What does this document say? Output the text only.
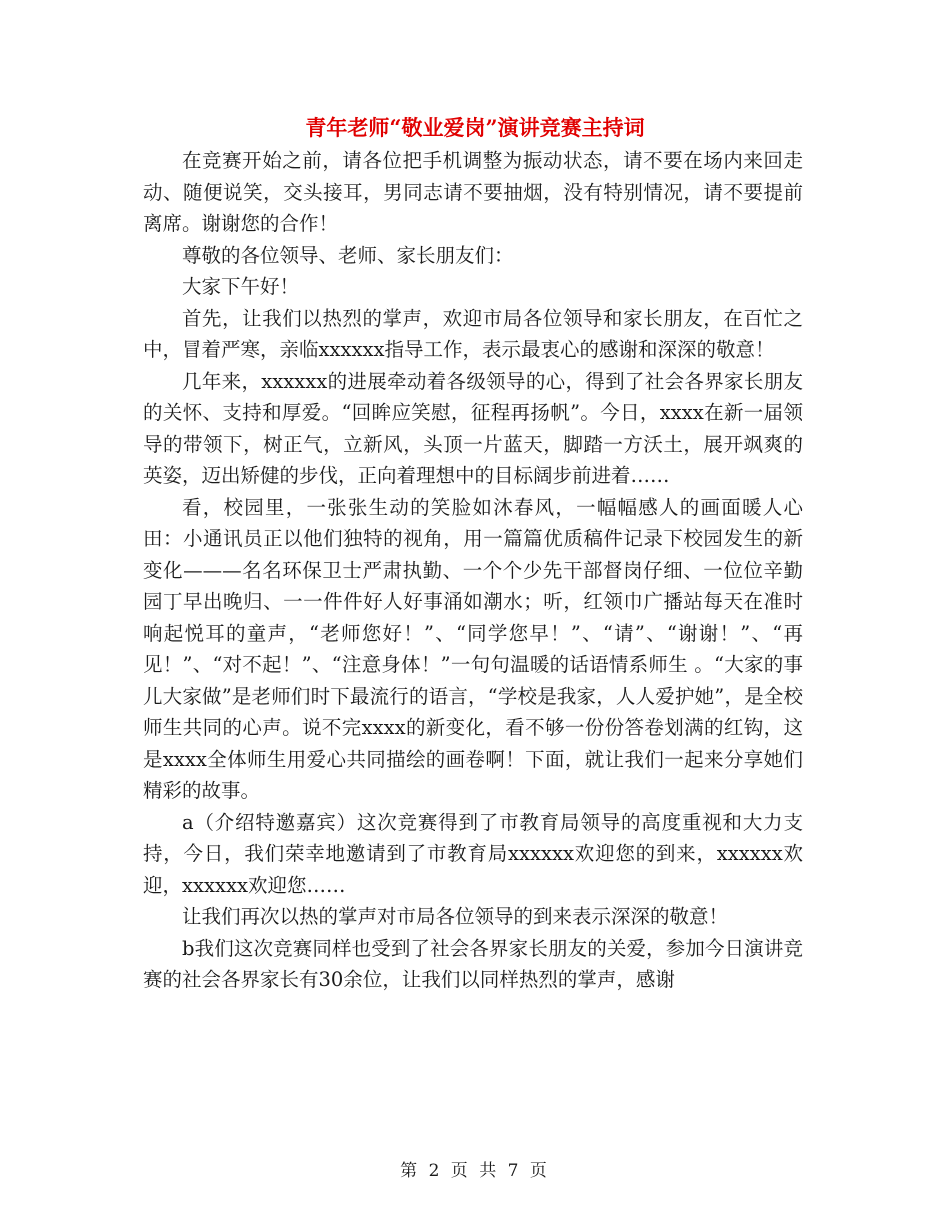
青年老师“敬业爱岗”演讲竞赛主持词

在竞赛开始之前，请各位把手机调整为振动状态，请不要在场内来回走动、随便说笑，交头接耳，男同志请不要抽烟，没有特别情况，请不要提前离席。谢谢您的合作！

尊敬的各位领导、老师、家长朋友们：

大家下午好！

首先，让我们以热烈的掌声，欢迎市局各位领导和家长朋友，在百忙之中，冒着严寒，亲临xxxxxx指导工作，表示最衷心的感谢和深深的敬意！

几年来，xxxxxx的进展牵动着各级领导的心，得到了社会各界家长朋友的关怀、支持和厚爱。“回眸应笑慰，征程再扬帆”。今日，xxxx在新一届领导的带领下，树正气，立新风，头顶一片蓝天，脚踏一方沃土，展开飒爽的英姿，迈出矫健的步伐，正向着理想中的目标阔步前进着……

看，校园里，一张张生动的笑脸如沐春风，一幅幅感人的画面暖人心田：小通讯员正以他们独特的视角，用一篇篇优质稿件记录下校园发生的新变化———名名环保卫士严肃执勤、一个个少先干部督岗仔细、一位位辛勤园丁早出晚归、一一件件好人好事涌如潮水；听，红领巾广播站每天在准时响起悦耳的童声，“老师您好！”、“同学您早！”、“请”、“谢谢！”、“再见！”、“对不起！”、“注意身体！”一句句温暖的话语情系师生 。“大家的事儿大家做”是老师们时下最流行的语言，“学校是我家，人人爱护她”，是全校师生共同的心声。说不完xxxx的新变化，看不够一份份答卷划满的红钩，这是xxxx全体师生用爱心共同描绘的画卷啊！下面，就让我们一起来分享她们精彩的故事。

a（介绍特邀嘉宾）这次竞赛得到了市教育局领导的高度重视和大力支持，今日，我们荣幸地邀请到了市教育局xxxxxx欢迎您的到来，xxxxxx欢迎，xxxxxx欢迎您……

让我们再次以热的掌声对市局各位领导的到来表示深深的敬意！

b我们这次竞赛同样也受到了社会各界家长朋友的关爱，参加今日演讲竞赛的社会各界家长有30余位，让我们以同样热烈的掌声，感谢

第 2 页 共 7 页
